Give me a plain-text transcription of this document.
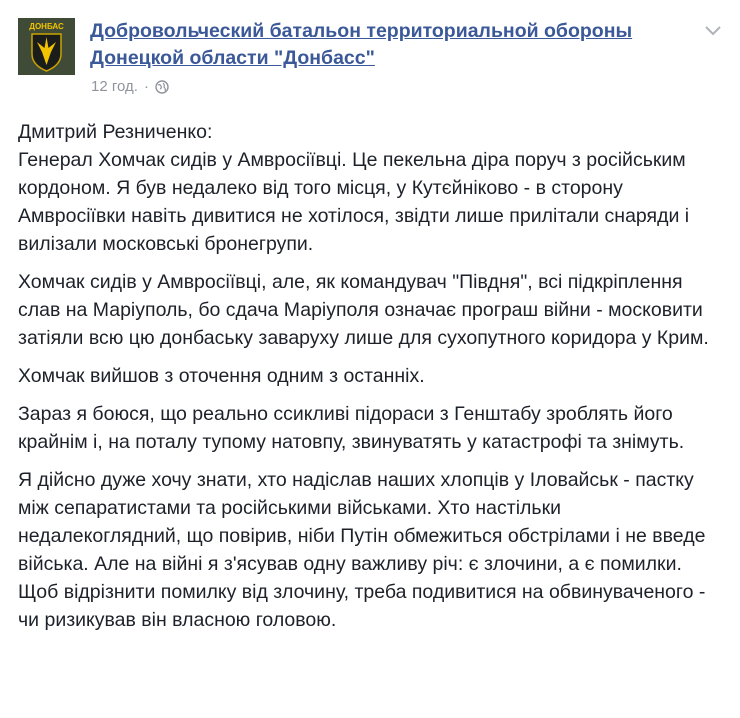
ДОНБАС Добровольческий батальон территориальной обороны Донецкой области "Донбасс"
12 год. ·

Дмитрий Резниченко:
Генерал Хомчак сидів у Амвросіївці. Це пекельна діра поруч з російським кордоном. Я був недалеко від того місця, у Кутєйніково - в сторону Амвросіївки навіть дивитися не хотілося, звідти лише прилітали снаряди і вилізали московські бронегрупи.

Хомчак сидів у Амвросіївці, але, як командувач "Півдня", всі підкріплення слав на Маріуполь, бо сдача Маріуполя означає програш війни - московити затіяли всю цю донбаську заваруху лише для сухопутного коридора у Крим.

Хомчак вийшов з оточення одним з останніх.

Зараз я боюся, що реально ссикливі підораси з Генштабу зроблять його крайнім і, на поталу тупому натовпу, звинуватять у катастрофі та знімуть.

Я дійсно дуже хочу знати, хто надіслав наших хлопців у Іловайськ - пастку між сепаратистами та російськими військами. Хто настільки недалекоглядний, що повірив, ніби Путін обмежиться обстрілами і не введе війська. Але на війні я з'ясував одну важливу річ: є злочини, а є помилки. Щоб відрізнити помилку від злочину, треба подивитися на обвинуваченого - чи ризикував він власною головою.
